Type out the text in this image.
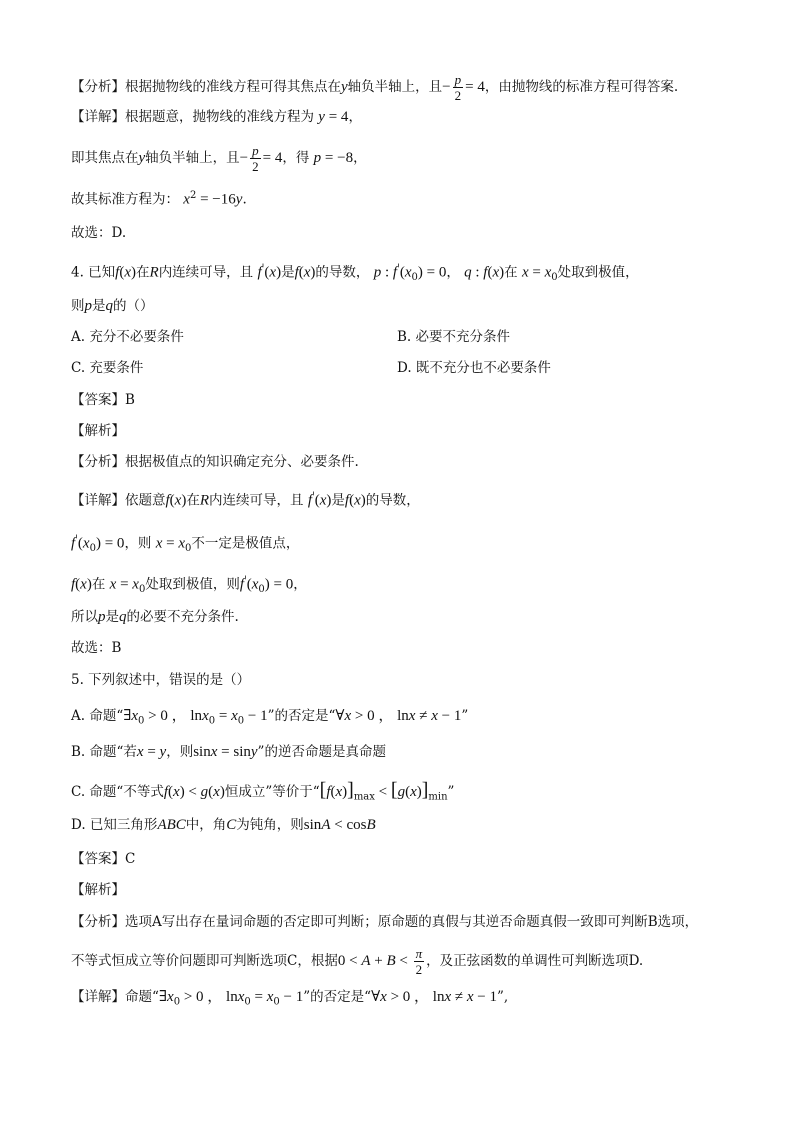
【分析】根据抛物线的准线方程可得其焦点在y轴负半轴上，且− $\frac{p}{2} = 4$，由抛物线的标准方程可得答案.
【详解】根据题意，抛物线的准线方程为 y = 4，
即其焦点在y轴负半轴上，且− $\frac{p}{2} = 4$，得 p = −8，
故其标准方程为： $x^2 = -16y$.
故选：D.
4. 已知f(x)在R内连续可导，且 f'(x)是f(x)的导数， p : $f'(x_0) = 0$， q : f(x)在 $x = x_0$处取到极值，
则p是q的（）
A. 充分不必要条件	B. 必要不充分条件
C. 充要条件	D. 既不充分也不必要条件
【答案】B
【解析】
【分析】根据极值点的知识确定充分、必要条件.
【详解】依题意f(x)在R内连续可导，且 f'(x)是f(x)的导数，
$f'(x_0) = 0$，则 $x = x_0$不一定是极值点，
f(x)在 $x = x_0$处取到极值，则$f'(x_0) = 0$，
所以p是q的必要不充分条件.
故选：B
5. 下列叙述中，错误的是（）
A. 命题“$\exists x_0 > 0$ ， $\ln x_0 = x_0 - 1$”的否定是“∀x > 0 ， lnx ≠ x − 1”
B. 命题“若x = y，则sinx = siny”的逆否命题是真命题
C. 命题“不等式f(x) < g(x)恒成立”等价于“$[f(x)]_{max} < [g(x)]_{min}$”
D. 已知三角形ABC中，角C为钝角，则sinA < cosB
【答案】C
【解析】
【分析】选项A写出存在量词命题的否定即可判断；原命题的真假与其逆否命题真假一致即可判断B选项，
不等式恒成立等价问题即可判断选项C，根据$0 < A + B < \frac{\pi}{2}$ ，及正弦函数的单调性可判断选项D.
【详解】命题“$\exists x_0 > 0$ ， $\ln x_0 = x_0 - 1$”的否定是“∀x > 0 ， lnx ≠ x − 1”,
